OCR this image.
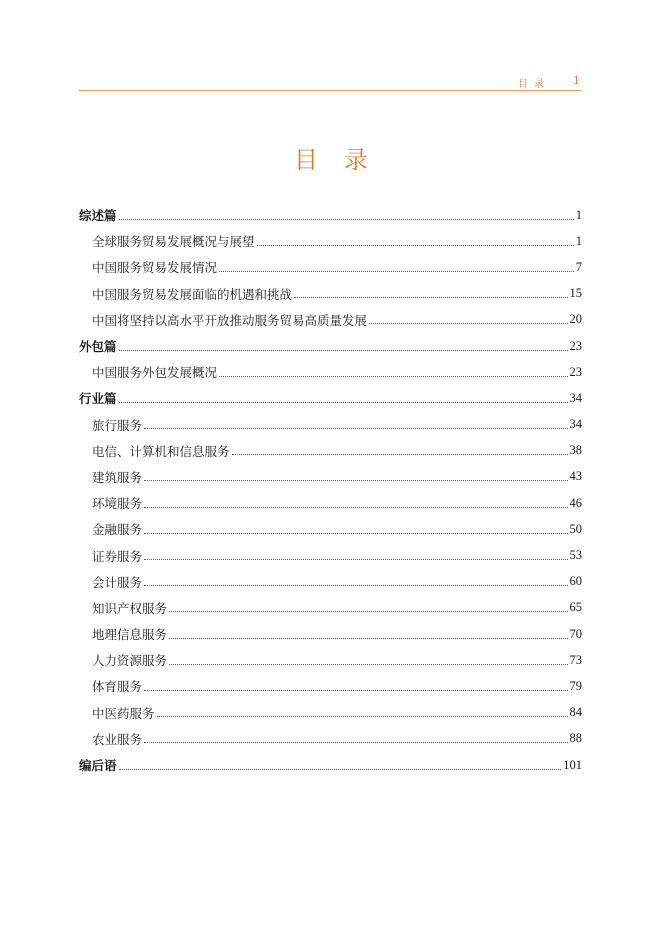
目录 1
目录
综述篇	1
全球服务贸易发展概况与展望	1
中国服务贸易发展情况	7
中国服务贸易发展面临的机遇和挑战	15
中国将坚持以高水平开放推动服务贸易高质量发展	20
外包篇	23
中国服务外包发展概况	23
行业篇	34
旅行服务	34
电信、计算机和信息服务	38
建筑服务	43
环境服务	46
金融服务	50
证券服务	53
会计服务	60
知识产权服务	65
地理信息服务	70
人力资源服务	73
体育服务	79
中医药服务	84
农业服务	88
编后语	101
